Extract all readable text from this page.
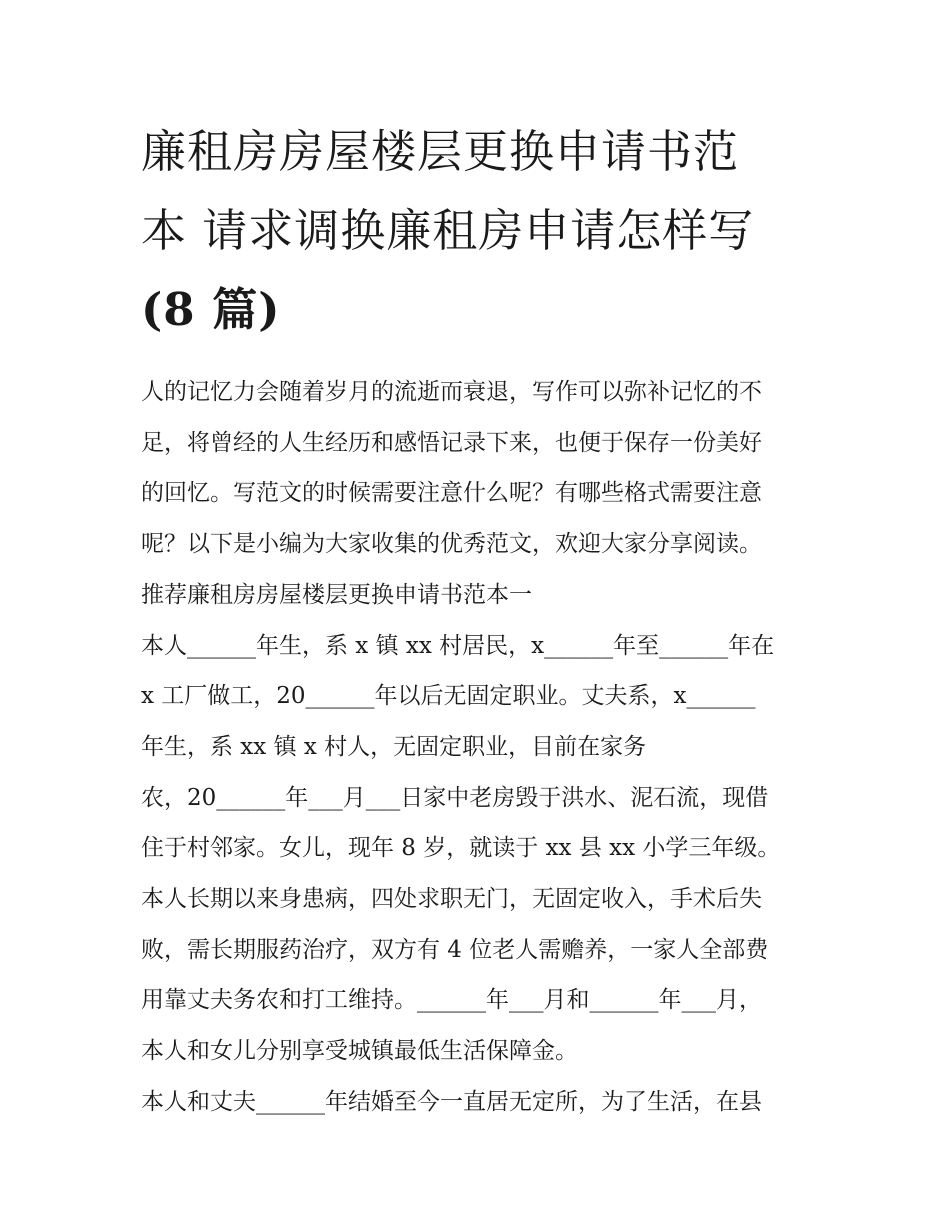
廉租房房屋楼层更换申请书范
本 请求调换廉租房申请怎样写
(8 篇)

人的记忆力会随着岁月的流逝而衰退，写作可以弥补记忆的不
足，将曾经的人生经历和感悟记录下来，也便于保存一份美好
的回忆。写范文的时候需要注意什么呢？有哪些格式需要注意
呢？以下是小编为大家收集的优秀范文，欢迎大家分享阅读。

推荐廉租房房屋楼层更换申请书范本一

本人______年生，系 x 镇 xx 村居民，x______年至______年在
x 工厂做工，20______年以后无固定职业。丈夫系，x______
年生，系 xx 镇 x 村人，无固定职业，目前在家务
农，20______年___月___日家中老房毁于洪水、泥石流，现借
住于村邻家。女儿，现年 8 岁，就读于 xx 县 xx 小学三年级。

本人长期以来身患病，四处求职无门，无固定收入，手术后失
败，需长期服药治疗，双方有 4 位老人需赡养，一家人全部费
用靠丈夫务农和打工维持。______年___月和______年___月，
本人和女儿分别享受城镇最低生活保障金。

本人和丈夫______年结婚至今一直居无定所，为了生活，在县
